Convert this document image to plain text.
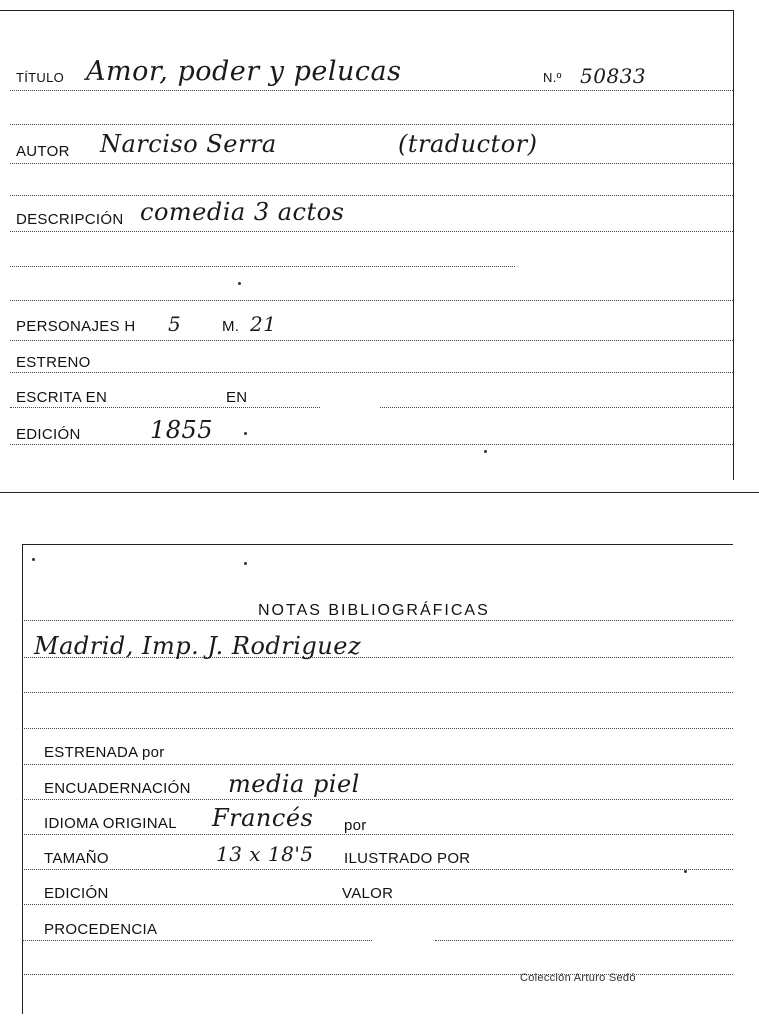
TÍTULO Amor, poder y pelucas	N.º 50833
AUTOR Narciso Serra	(traductor)
DESCRIPCIÓN comedia 3 actos
PERSONAJES H 5	M. 21
ESTRENO
ESCRITA EN	EN
EDICIÓN	1855
NOTAS BIBLIOGRÁFICAS
Madrid, Imp. J. Rodriguez
ESTRENADA por
ENCUADERNACIÓN media piel
IDIOMA ORIGINAL Francés por
TAMAÑO	13 x 18'5 ILUSTRADO POR
EDICIÓN	VALOR
PROCEDENCIA
Colección Arturo Sedó
